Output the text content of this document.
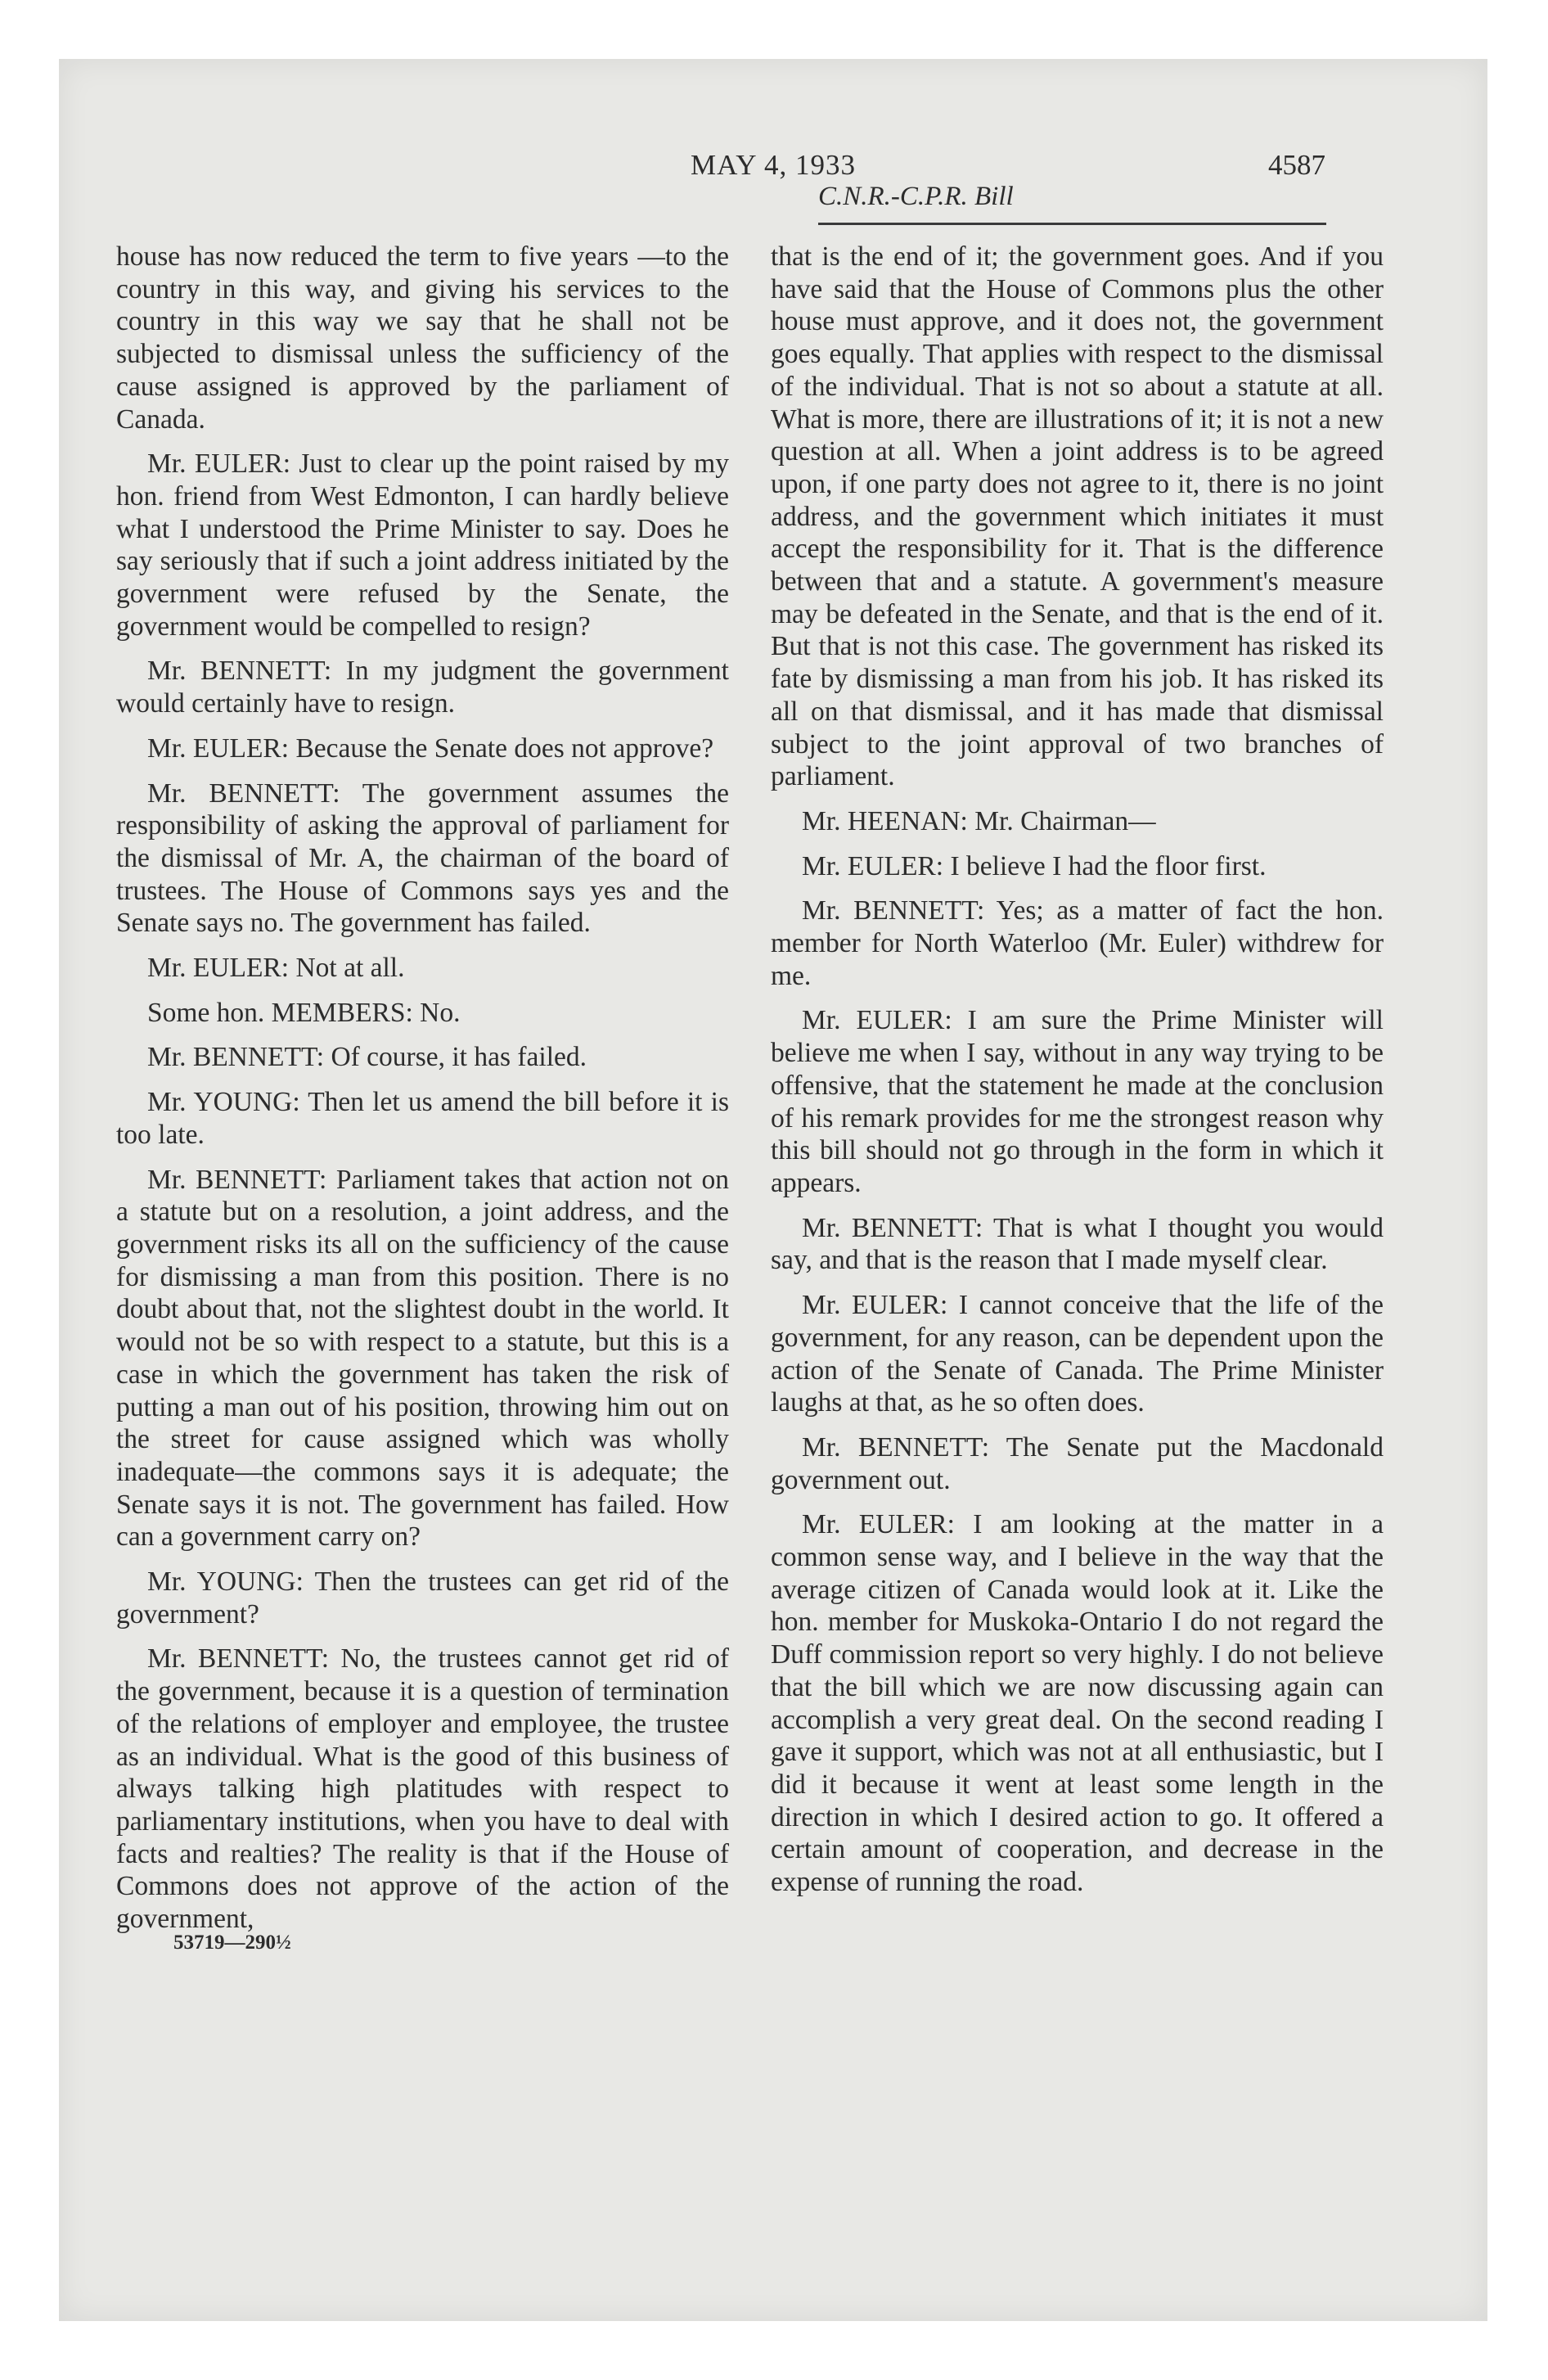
MAY 4, 1933	4587
C.N.R.-C.P.R. Bill

house has now reduced the term to five years —to the country in this way, and giving his services to the country in this way we say that he shall not be subjected to dismissal unless the sufficiency of the cause assigned is approved by the parliament of Canada.

Mr. EULER: Just to clear up the point raised by my hon. friend from West Edmonton, I can hardly believe what I understood the Prime Minister to say. Does he say seriously that if such a joint address initiated by the government were refused by the Senate, the government would be compelled to resign?

Mr. BENNETT: In my judgment the government would certainly have to resign.

Mr. EULER: Because the Senate does not approve?

Mr. BENNETT: The government assumes the responsibility of asking the approval of parliament for the dismissal of Mr. A, the chairman of the board of trustees. The House of Commons says yes and the Senate says no. The government has failed.

Mr. EULER: Not at all.

Some hon. MEMBERS: No.

Mr. BENNETT: Of course, it has failed.

Mr. YOUNG: Then let us amend the bill before it is too late.

Mr. BENNETT: Parliament takes that action not on a statute but on a resolution, a joint address, and the government risks its all on the sufficiency of the cause for dismissing a man from this position. There is no doubt about that, not the slightest doubt in the world. It would not be so with respect to a statute, but this is a case in which the government has taken the risk of putting a man out of his position, throwing him out on the street for cause assigned which was wholly inadequate—the commons says it is adequate; the Senate says it is not. The government has failed. How can a government carry on?

Mr. YOUNG: Then the trustees can get rid of the government?

Mr. BENNETT: No, the trustees cannot get rid of the government, because it is a question of termination of the relations of employer and employee, the trustee as an individual. What is the good of this business of always talking high platitudes with respect to parliamentary institutions, when you have to deal with facts and realties? The reality is that if the House of Commons does not approve of the action of the government,

that is the end of it; the government goes. And if you have said that the House of Commons plus the other house must approve, and it does not, the government goes equally. That applies with respect to the dismissal of the individual. That is not so about a statute at all. What is more, there are illustrations of it; it is not a new question at all. When a joint address is to be agreed upon, if one party does not agree to it, there is no joint address, and the government which initiates it must accept the responsibility for it. That is the difference between that and a statute. A government's measure may be defeated in the Senate, and that is the end of it. But that is not this case. The government has risked its fate by dismissing a man from his job. It has risked its all on that dismissal, and it has made that dismissal subject to the joint approval of two branches of parliament.

Mr. HEENAN: Mr. Chairman—

Mr. EULER: I believe I had the floor first.

Mr. BENNETT: Yes; as a matter of fact the hon. member for North Waterloo (Mr. Euler) withdrew for me.

Mr. EULER: I am sure the Prime Minister will believe me when I say, without in any way trying to be offensive, that the statement he made at the conclusion of his remark provides for me the strongest reason why this bill should not go through in the form in which it appears.

Mr. BENNETT: That is what I thought you would say, and that is the reason that I made myself clear.

Mr. EULER: I cannot conceive that the life of the government, for any reason, can be dependent upon the action of the Senate of Canada. The Prime Minister laughs at that, as he so often does.

Mr. BENNETT: The Senate put the Macdonald government out.

Mr. EULER: I am looking at the matter in a common sense way, and I believe in the way that the average citizen of Canada would look at it. Like the hon. member for Muskoka-Ontario I do not regard the Duff commission report so very highly. I do not believe that the bill which we are now discussing again can accomplish a very great deal. On the second reading I gave it support, which was not at all enthusiastic, but I did it because it went at least some length in the direction in which I desired action to go. It offered a certain amount of cooperation, and decrease in the expense of running the road.

53719—290½
